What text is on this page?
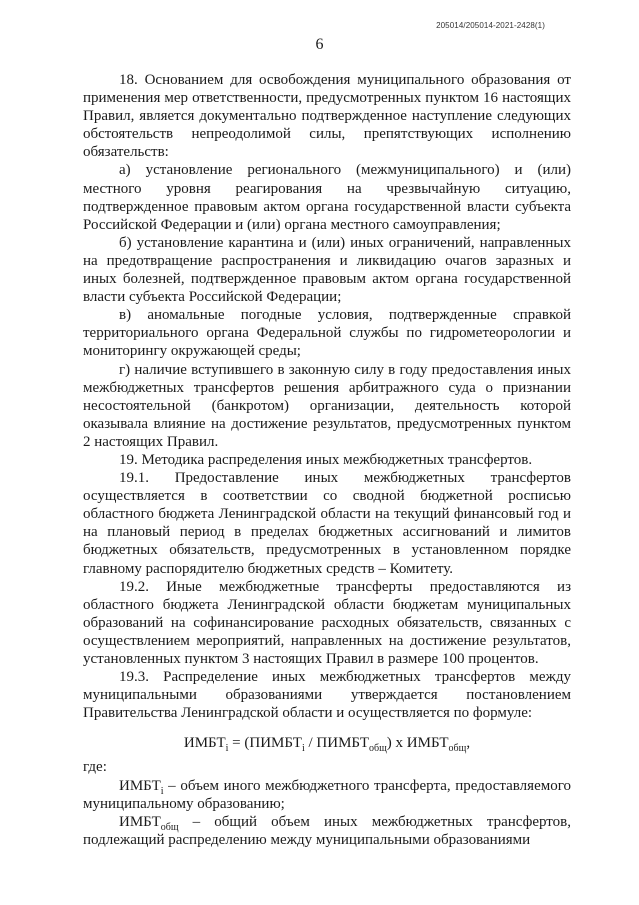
205014/205014-2021-2428(1)
6

18. Основанием для освобождения муниципального образования от применения мер ответственности, предусмотренных пунктом 16 настоящих Правил, является документально подтвержденное наступление следующих обстоятельств непреодолимой силы, препятствующих исполнению обязательств:

а) установление регионального (межмуниципального) и (или) местного уровня реагирования на чрезвычайную ситуацию, подтвержденное правовым актом органа государственной власти субъекта Российской Федерации и (или) органа местного самоуправления;

б) установление карантина и (или) иных ограничений, направленных на предотвращение распространения и ликвидацию очагов заразных и иных болезней, подтвержденное правовым актом органа государственной власти субъекта Российской Федерации;

в) аномальные погодные условия, подтвержденные справкой территориального органа Федеральной службы по гидрометеорологии и мониторингу окружающей среды;

г) наличие вступившего в законную силу в году предоставления иных межбюджетных трансфертов решения арбитражного суда о признании несостоятельной (банкротом) организации, деятельность которой оказывала влияние на достижение результатов, предусмотренных пунктом 2 настоящих Правил.

19. Методика распределения иных межбюджетных трансфертов.

19.1. Предоставление иных межбюджетных трансфертов осуществляется в соответствии со сводной бюджетной росписью областного бюджета Ленинградской области на текущий финансовый год и на плановый период в пределах бюджетных ассигнований и лимитов бюджетных обязательств, предусмотренных в установленном порядке главному распорядителю бюджетных средств – Комитету.

19.2. Иные межбюджетные трансферты предоставляются из областного бюджета Ленинградской области бюджетам муниципальных образований на софинансирование расходных обязательств, связанных с осуществлением мероприятий, направленных на достижение результатов, установленных пунктом 3 настоящих Правил в размере 100 процентов.

19.3. Распределение иных межбюджетных трансфертов между муниципальными образованиями утверждается постановлением Правительства Ленинградской области и осуществляется по формуле:

$ИМБТ_i$ = ($ПИМБТ_i$ / $ПИМБТ_{общ}$) х $ИМБТ_{общ}$,

где:

$ИМБТ_i$ – объем иного межбюджетного трансферта, предоставляемого муниципальному образованию;

$ИМБТ_{общ}$ – общий объем иных межбюджетных трансфертов, подлежащий распределению между муниципальными образованиями
